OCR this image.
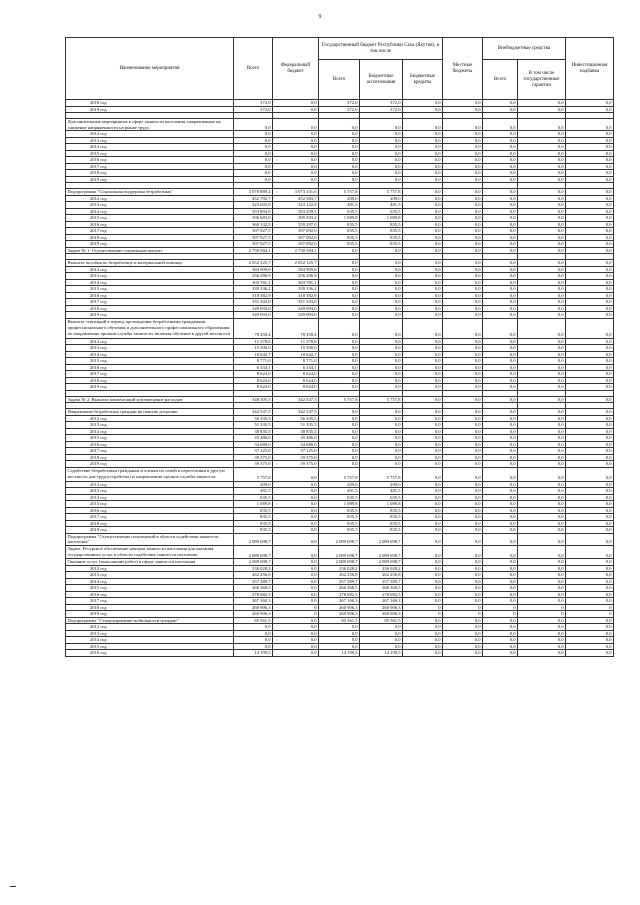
9
Наименование мероприятия	Всего	Федеральный бюджет	Государственный бюджет Республики Саха (Якутия), в том числе			Местные бюджеты	Внебюджетные средства		Инвестиционная надбавка
			Всего	Бюджетные ассигнования	Бюджетные кредиты		Всего	В том числе государственные гарантии	
2018 год	372,0	0,0	372,0	372,0	0,0	0,0	0,0	0,0	0,0
2019 год	372,0	0,0	372,0	372,0	0,0	0,0	0,0	0,0	0,0

Дополнительные мероприятия в сфере занятости населения, направленные на снижение напряженности на рынке труда	0,0	0,0	0,0	0,0	0,0	0,0	0,0	0,0	0,0
2012 год	0,0	0,0	0,0	0,0	0,0	0,0	0,0	0,0	0,0
2013 год	0,0	0,0	0,0	0,0	0,0	0,0	0,0	0,0	0,0
2014 год	0,0	0,0	0,0	0,0	0,0	0,0	0,0	0,0	0,0
2015 год	0,0	0,0	0,0	0,0	0,0	0,0	0,0	0,0	0,0
2016 год	0,0	0,0	0,0	0,0	0,0	0,0	0,0	0,0	0,0
2017 год	0,0	0,0	0,0	0,0	0,0	0,0	0,0	0,0	0,0
2018 год	0,0	0,0	0,0	0,0	0,0	0,0	0,0	0,0	0,0
2019 год	0,0	0,0	0,0	0,0	0,0	0,0	0,0	0,0	0,0

Подпрограмма "Социальная поддержка безработных"	3 078 889,4	3 073 131,6	5 757,8	5 757,8	0,0	0,0	0,0	0,0	0,0
2012 год	452 792,7	452 583,7	209,0	209,0	0,0	0,0	0,0	0,0	0,0
2013 год	323 603,9	323 122,4	481,5	481,5	0,0	0,0	0,0	0,0	0,0
2014 год	353 894,8	353 259,3	635,5	635,5	0,0	0,0	0,0	0,0	0,0
2015 год	396 683,0	395 593,2	1 089,8	1 089,8	0,0	0,0	0,0	0,0	0,0
2016 год	360 132,5	359 297,0	835,5	835,5	0,0	0,0	0,0	0,0	0,0
2017 год	397 927,5	397 092,0	835,5	835,5	0,0	0,0	0,0	0,0	0,0
2018 год	397 927,5	397 092,0	835,5	835,5	0,0	0,0	0,0	0,0	0,0
2019 год	397 927,5	397 092,0	835,5	835,5	0,0	0,0	0,0	0,0	0,0
Задача № 1. Осуществление социальных выплат	2 730 584,1	2 730 584,1	0,0	0,0	0,0	0,0	0,0	0,0	0,0

Выплата пособия по безработице и материальной помощи	2 652 125,7	2 652 125,7	0,0	0,0	0,0	0,0	0,0	0,0	0,0
2012 год	384 909,6	384 909,6	0,0	0,0	0,0	0,0	0,0	0,0	0,0
2013 год	256 286,9	256 286,9	0,0	0,0	0,0	0,0	0,0	0,0	0,0
2014 год	303 781,1	303 781,1	0,0	0,0	0,0	0,0	0,0	0,0	0,0
2015 год	339 336,2	339 336,2	0,0	0,0	0,0	0,0	0,0	0,0	0,0
2016 год	318 382,9	318 382,9	0,0	0,0	0,0	0,0	0,0	0,0	0,0
2017 год	351 343,0	351 343,0	0,0	0,0	0,0	0,0	0,0	0,0	0,0
2018 год	349 093,0	349 093,0	0,0	0,0	0,0	0,0	0,0	0,0	0,0
2019 год	349 093,0	349 093,0	0,0	0,0	0,0	0,0	0,0	0,0	0,0
Выплата стипендий в период прохождения безработными гражданами профессионального обучения и дополнительного профессионального образования по направлению органов службы занятости, включая обучение в другой местности	78 458,4	78 458,4	0,0	0,0	0,0	0,0	0,0	0,0	0,0
2012 год	11 378,6	11 378,6	0,0	0,0	0,0	0,0	0,0	0,0	0,0
2013 год	15 500,0	15 500,0	0,0	0,0	0,0	0,0	0,0	0,0	0,0
2014 год	10 642,7	10 642,7	0,0	0,0	0,0	0,0	0,0	0,0	0,0
2015 год	8 771,0	8 771,0	0,0	0,0	0,0	0,0	0,0	0,0	0,0
2016 год	6 334,1	6 334,1	0,0	0,0	0,0	0,0	0,0	0,0	0,0
2017 год	8 624,0	8 624,0	0,0	0,0	0,0	0,0	0,0	0,0	0,0
2018 год	8 624,0	8 624,0	0,0	0,0	0,0	0,0	0,0	0,0	0,0
2019 год	8 624,0	8 624,0	0,0	0,0	0,0	0,0	0,0	0,0	0,0

Задача № 2. Выплата компенсаций и возмещение расходов	348 305,3	342 547,5	5 757,8	5 757,8	0,0	0,0	0,0	0,0	0,0

Направление безработных граждан на пенсию досрочно	342 547,5	342 547,5	0,0	0,0	0,0	0,0	0,0	0,0	0,0
2012 год	56 335,5	56 335,5	0,0	0,0	0,0	0,0	0,0	0,0	0,0
2013 год	51 335,5	51 335,5	0,0	0,0	0,0	0,0	0,0	0,0	0,0
2014 год	38 835,5	38 835,5	0,0	0,0	0,0	0,0	0,0	0,0	0,0
2015 год	45 486,0	45 486,0	0,0	0,0	0,0	0,0	0,0	0,0	0,0
2016 год	34 680,0	34 680,0	0,0	0,0	0,0	0,0	0,0	0,0	0,0
2017 год	37 125,0	37 125,0	0,0	0,0	0,0	0,0	0,0	0,0	0,0
2018 год	39 375,0	39 375,0	0,0	0,0	0,0	0,0	0,0	0,0	0,0
2019 год	39 375,0	39 375,0	0,0	0,0	0,0	0,0	0,0	0,0	0,0
Содействие безработным гражданам и членам их семей в переселении в другую местность для трудоустройства по направлению органов службы занятости	5 757,8	0,0	5 757,8	5 757,8	0,0	0,0	0,0	0,0	0,0
2012 год	209,0	0,0	209,0	209,0	0,0	0,0	0,0	0,0	0,0
2013 год	481,5	0,0	481,5	481,5	0,0	0,0	0,0	0,0	0,0
2014 год	635,5	0,0	635,5	635,5	0,0	0,0	0,0	0,0	0,0
2015 год	1 089,8	0,0	1 089,8	1 089,8	0,0	0,0	0,0	0,0	0,0
2016 год	835,5	0,0	835,5	835,5	0,0	0,0	0,0	0,0	0,0
2017 год	835,5	0,0	835,5	835,5	0,0	0,0	0,0	0,0	0,0
2018 год	835,5	0,0	835,5	835,5	0,0	0,0	0,0	0,0	0,0
2019 год	835,5	0,0	835,5	835,5	0,0	0,0	0,0	0,0	0,0
Подпрограмма "Осуществление полномочий в области содействия занятости населения"	2 089 698,7	0,0	2 089 698,7	2 089 698,7	0,0	0,0	0,0	0,0	0,0
Задача. Ресурсное обеспечение центров занятости населения для оказания государственных услуг в области содействия занятости населения	2 089 698,7	0,0	2 089 698,7	2 089 698,7	0,0	0,0	0,0	0,0	0,0
Оказание услуг (выполнение работ) в сфере занятости населения	2 089 698,7	0,0	2 089 698,7	2 089 698,7	0,0	0,0	0,0	0,0	0,0
2012 год	236 028,2	0,0	236 028,2	236 028,2	0,0	0,0	0,0	0,0	0,0
2013 год	262 256,8	0,0	262 256,8	262 256,8	0,0	0,0	0,0	0,0	0,0
2014 год	257 389,7	0,0	257 389,7	257 389,7	0,0	0,0	0,0	0,0	0,0
2015 год	266 368,5	0,0	266 368,5	266 368,5	0,0	0,0	0,0	0,0	0,0
2016 год	278 682,5	0,0	278 682,5	278 682,5	0,0	0,0	0,0	0,0	0,0
2017 год	267 160,3	0,0	267 160,3	267 160,3	0,0	0,0	0,0	0,0	0,0
2018 год	260 906,3	0	260 906,3	260 906,3	0	0	0	0	0
2019 год	260 906,3	0	260 906,3	260 906,3	0	0	0	0	0
Подпрограмма "Стимулирование мобильности граждан"	85 561,5	0,0	85 561,5	85 561,5	0,0	0,0	0,0	0,0	0,0
2012 год	0,0	0,0	0,0	0,0	0,0	0,0	0,0	0,0	0,0
2013 год	0,0	0,0	0,0	0,0	0,0	0,0	0,0	0,0	0,0
2014 год	0,0	0,0	0,0	0,0	0,0	0,0	0,0	0,0	0,0
2015 год	0,0	0,0	0,0	0,0	0,0	0,0	0,0	0,0	0,0
2016 год	14 199,5	0,0	14 199,5	14 199,5	0,0	0,0	0,0	0,0	0,0
